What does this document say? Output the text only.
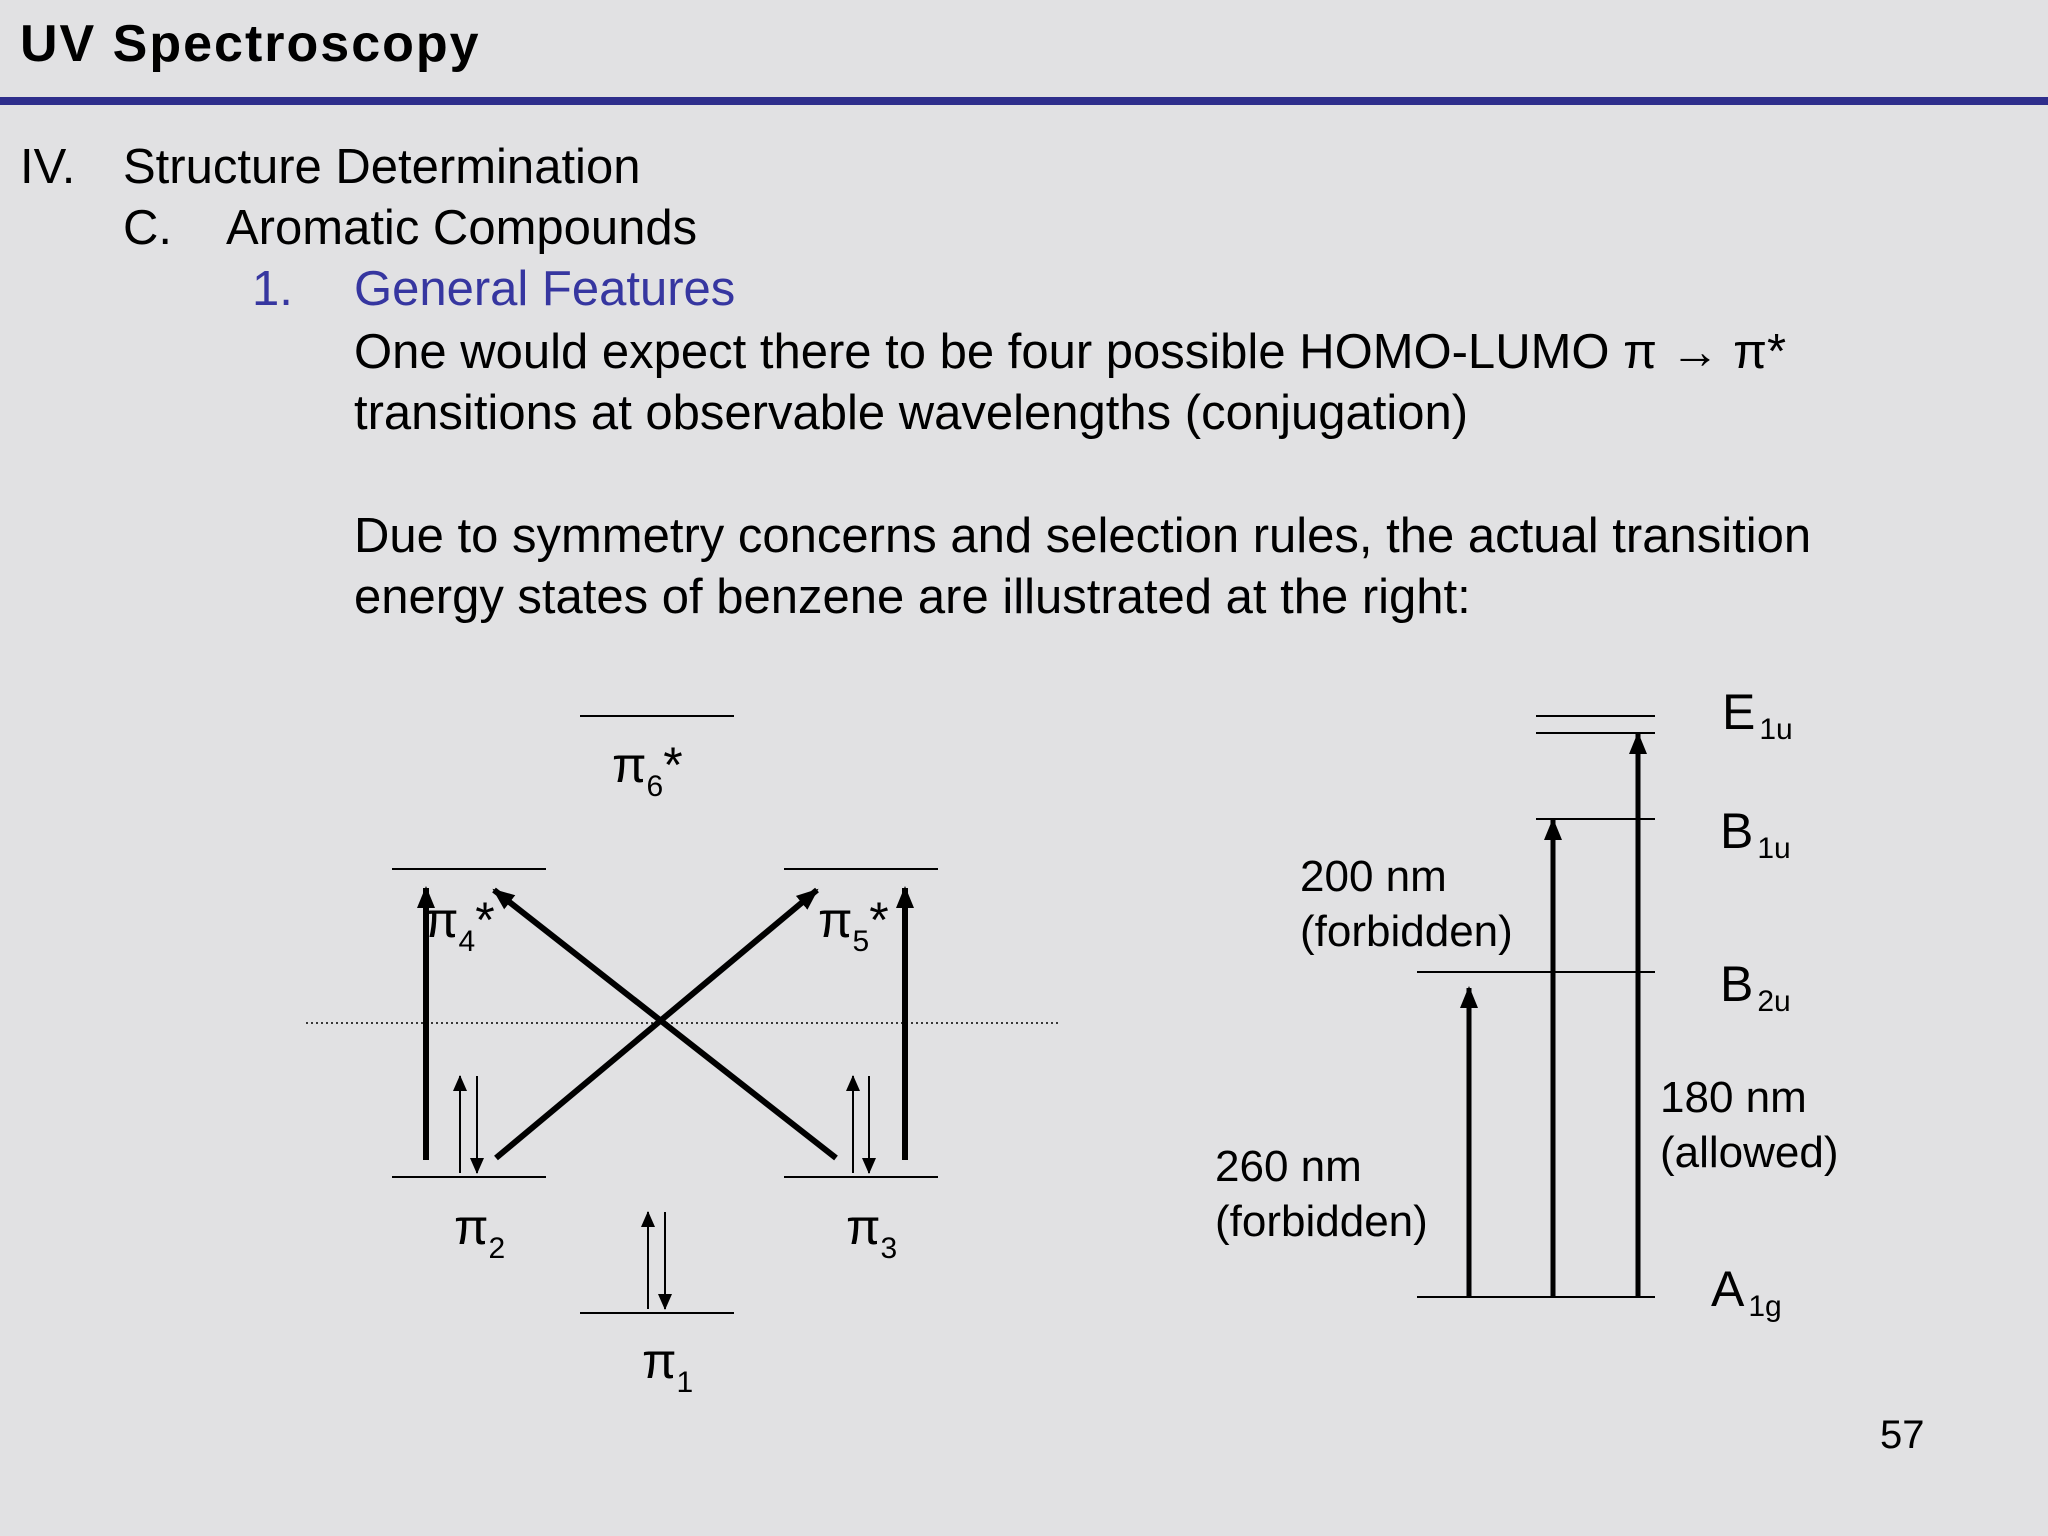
UV Spectroscopy
IV. Structure Determination
C. Aromatic Compounds
1. General Features
One would expect there to be four possible HOMO-LUMO π → π*
transitions at observable wavelengths (conjugation)
Due to symmetry concerns and selection rules, the actual transition
energy states of benzene are illustrated at the right:
$\pi_6*$
$\pi_4*$	$\pi_5*$
$\pi_2$	$\pi_3$
$\pi_1$
E $_{1u}$
B $_{1u}$
B $_{2u}$
A $_{1g}$
200 nm
(forbidden)
260 nm
(forbidden)
180 nm
(allowed)
57
